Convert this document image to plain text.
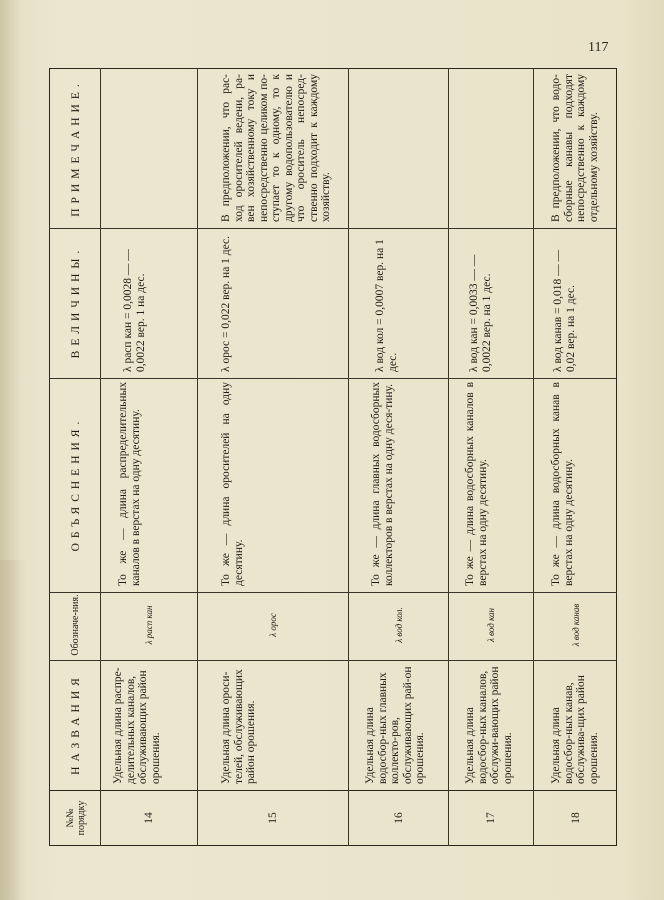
117
ПРИМЕЧАНИЕ.
ВЕЛИЧИНЫ.
ОБЪЯСНЕНИЯ.
Обозначе-ния.
НАЗВАНИЯ
№№ порядку
λ расп кан = 0,0028 — — 0,0022 вер. 1 на дес.
То же — длина распределительных каналов в верстах на одну десятину.
λ расп кан
Удельная длина распре-делительных каналов, обслуживающих район орошения.
14
В предположении, что рас-ход оросителей ведени, ра-вен хозяйственному току и непосредственно целиком по-ступает то к одному, то к другому водопользователю и что ороситель непосред-ственно подходит к каждому хозяйству.
λ орос = 0,022 вер. на 1 дес.
То же — длина оросителей на одну десятину.
λ орос
Удельная длина ороси-телей, обслуживающих район орошения.
15
λ вод кол = 0,0007 вер. на 1 дес.
То же — длина главных водосборных коллекторов в верстах на одну деся-тину.
λ вод кол.
Удельная длина водосбор-ных главных коллекто-ров, обслуживающих рай-он орошения.
16
λ вод кан = 0,0033 — — 0,0022 вер. на 1 дес.
То же — длина водосборных каналов в верстах на одну десятину.
λ вод кан
Удельная длина водосбор-ных каналов, обслужи-вающих район орошения.
17
В предположении, что водо-сборные канавы подходят непосредственно к каждому отдельному хозяйству.
λ вод канав = 0,018 — — 0,02 вер. на 1 дес.
То же — длина водосборных канав в верстах на одну десятину.
λ вод канав
Удельная длина водосбор-ных канав, обслужива-щих район орошения.
18
